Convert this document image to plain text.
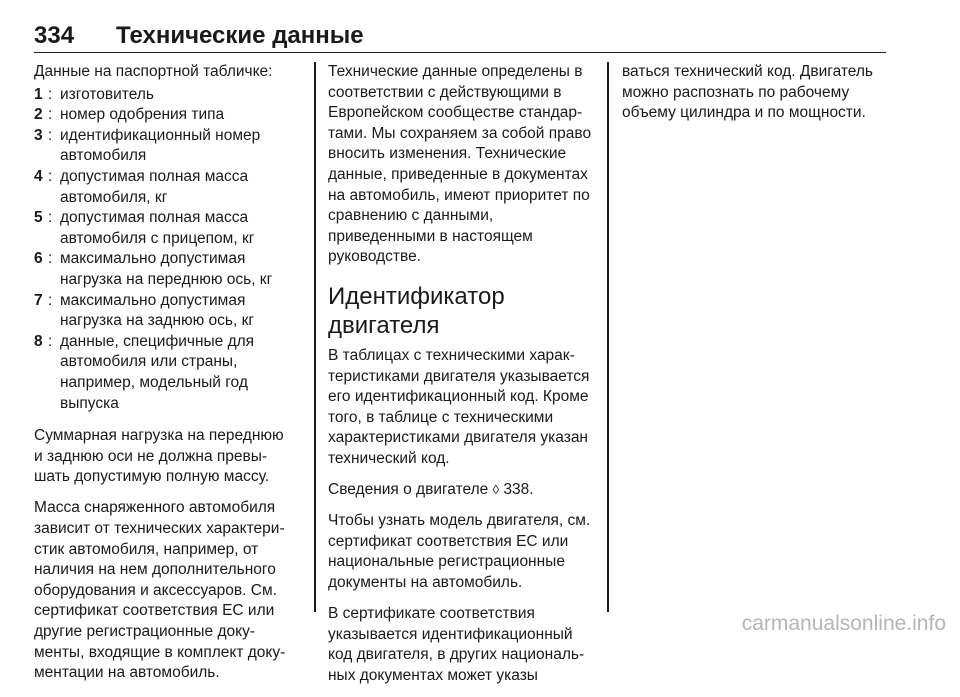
334 Технические данные

Данные на паспортной табличке:

1 : изготовитель
2 : номер одобрения типа
3 : идентификационный номер автомобиля
4 : допустимая полная масса автомобиля, кг
5 : допустимая полная масса автомобиля с прицепом, кг
6 : максимально допустимая нагрузка на переднюю ось, кг
7 : максимально допустимая нагрузка на заднюю ось, кг
8 : данные, специфичные для автомобиля или страны, например, модельный год выпуска

Суммарная нагрузка на переднюю и заднюю оси не должна превышать допустимую полную массу.

Масса снаряженного автомобиля зависит от технических характеристик автомобиля, например, от наличия на нем дополнительного оборудования и аксессуаров. См. сертификат соответствия ЕС или другие регистрационные документы, входящие в комплект документации на автомобиль.

Технические данные определены в соответствии с действующими в Европейском сообществе стандартами. Мы сохраняем за собой право вносить изменения. Технические данные, приведенные в документах на автомобиль, имеют приоритет по сравнению с данными, приведенными в настоящем руководстве.

Идентификатор двигателя

В таблицах с техническими характеристиками двигателя указывается его идентификационный код. Кроме того, в таблице с техническими характеристиками двигателя указан технический код.

Сведения о двигателе ◊ 338.

Чтобы узнать модель двигателя, см. сертификат соответствия ЕС или национальные регистрационные документы на автомобиль.

В сертификате соответствия указывается идентификационный код двигателя, в других национальных документах может указы

ваться технический код. Двигатель можно распознать по рабочему объему цилиндра и по мощности.

carmanualsonline.info
